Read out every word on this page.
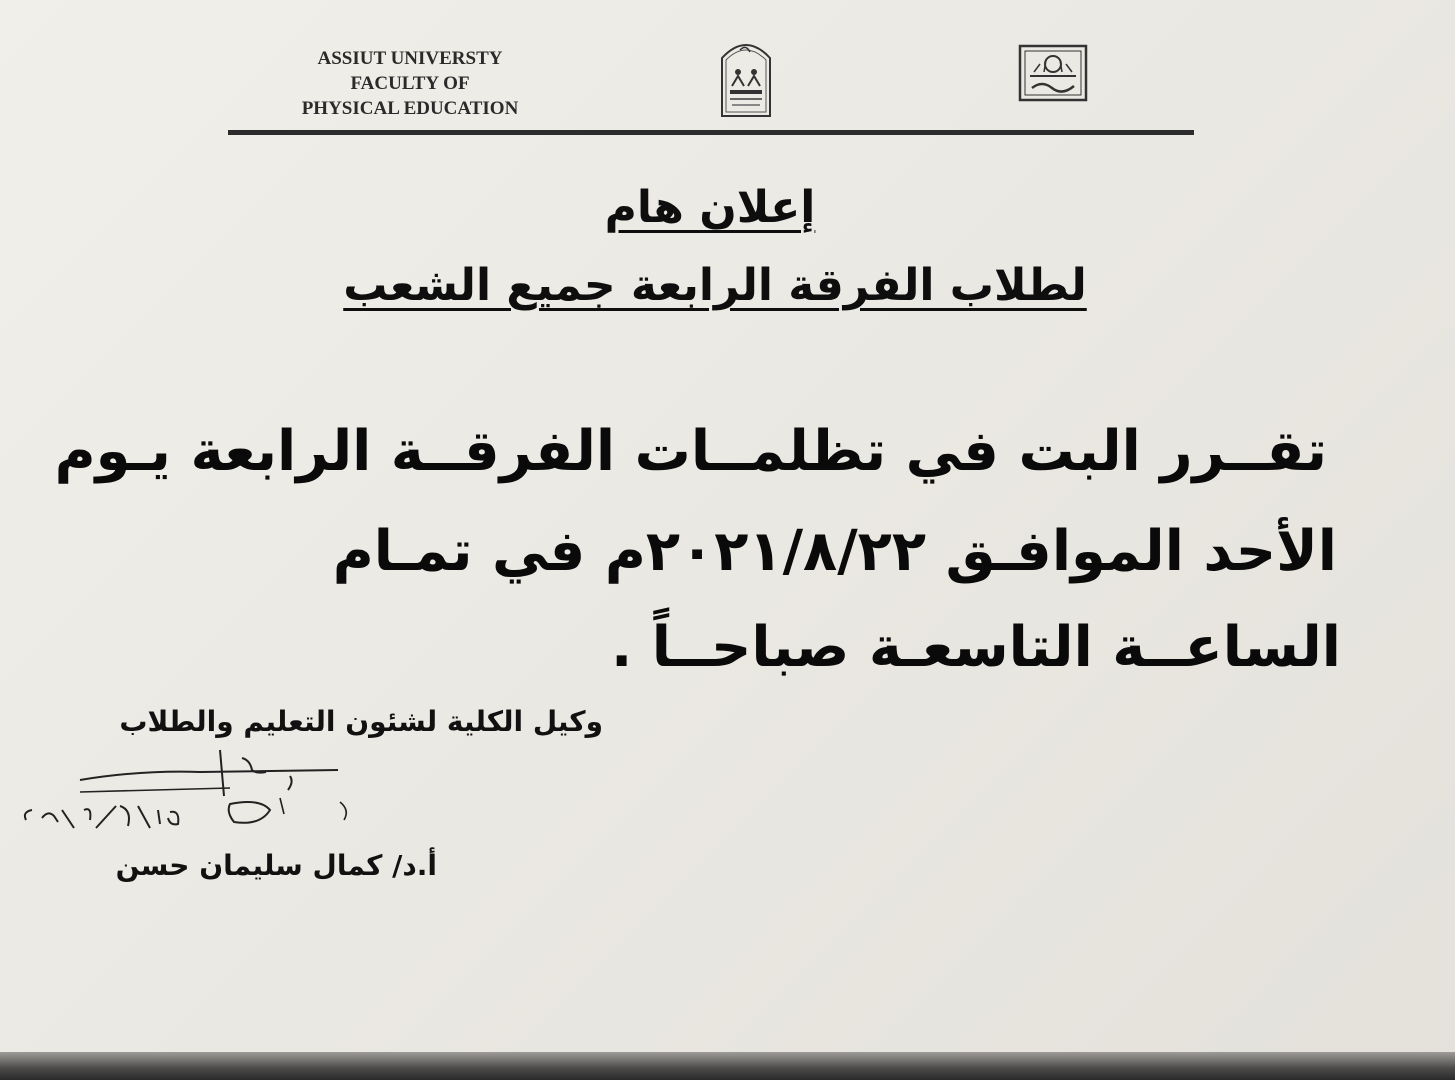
ASSIUT UNIVERSTY
FACULTY OF
PHYSICAL EDUCATION
إعلان هام
لطلاب الفرقة الرابعة جميع الشعب
تقــرر البت في تظلمــات الفرقــة الرابعة يـوم
الأحد الموافـق ٢٠٢١/٨/٢٢م في تمـام
الساعــة التاسعـة صباحــاً .
وكيل الكلية لشئون التعليم والطلاب
أ.د/ كمال سليمان حسن
